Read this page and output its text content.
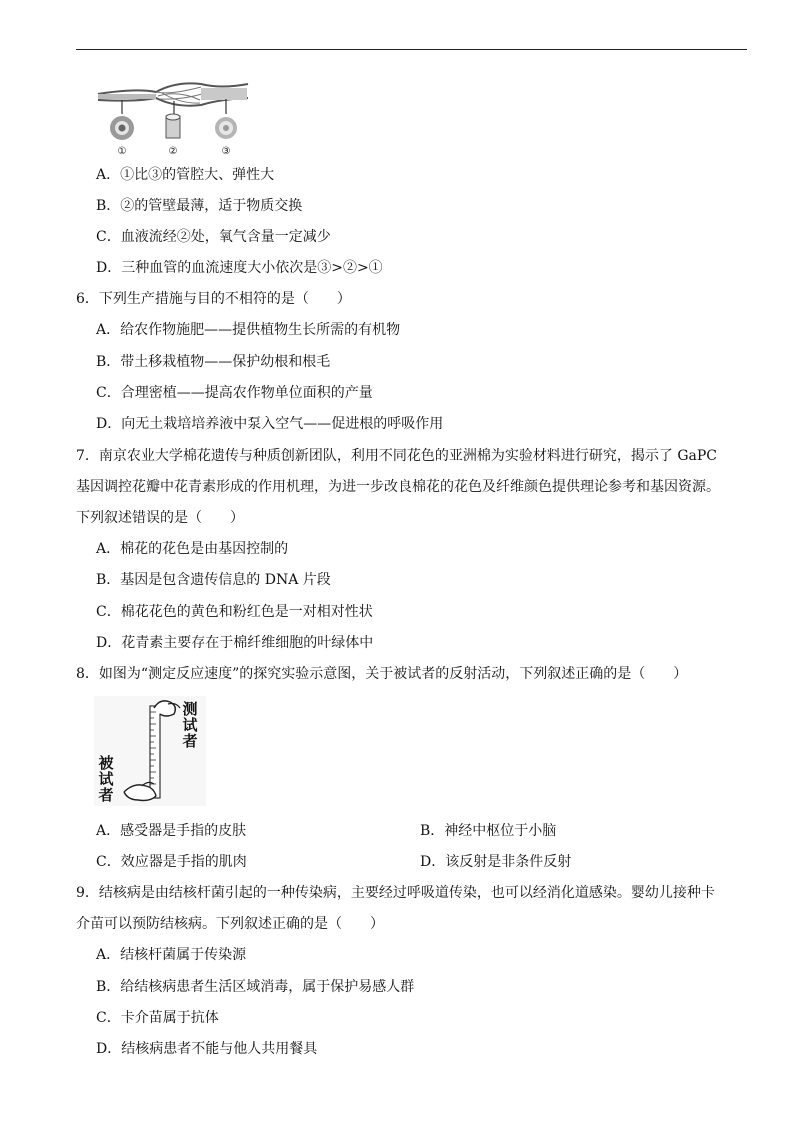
①	②	③
A．①比③的管腔大、弹性大
B．②的管壁最薄，适于物质交换
C．血液流经②处，氧气含量一定减少
D．三种血管的血流速度大小依次是③>②>①
6．下列生产措施与目的不相符的是（　　）
A．给农作物施肥——提供植物生长所需的有机物
B．带土移栽植物——保护幼根和根毛
C．合理密植——提高农作物单位面积的产量
D．向无土栽培培养液中泵入空气——促进根的呼吸作用
7．南京农业大学棉花遗传与种质创新团队，利用不同花色的亚洲棉为实验材料进行研究，揭示了 GaPC
基因调控花瓣中花青素形成的作用机理，为进一步改良棉花的花色及纤维颜色提供理论参考和基因资源。
下列叙述错误的是（　　）
A．棉花的花色是由基因控制的
B．基因是包含遗传信息的 DNA 片段
C．棉花花色的黄色和粉红色是一对相对性状
D．花青素主要存在于棉纤维细胞的叶绿体中
8．如图为“测定反应速度”的探究实验示意图，关于被试者的反射活动，下列叙述正确的是（　　）
测
试
者
被
试
者
A．感受器是手指的皮肤	B．神经中枢位于小脑
C．效应器是手指的肌肉	D．该反射是非条件反射
9．结核病是由结核杆菌引起的一种传染病，主要经过呼吸道传染，也可以经消化道感染。婴幼儿接种卡
介苗可以预防结核病。下列叙述正确的是（　　）
A．结核杆菌属于传染源
B．给结核病患者生活区域消毒，属于保护易感人群
C．卡介苗属于抗体
D．结核病患者不能与他人共用餐具
